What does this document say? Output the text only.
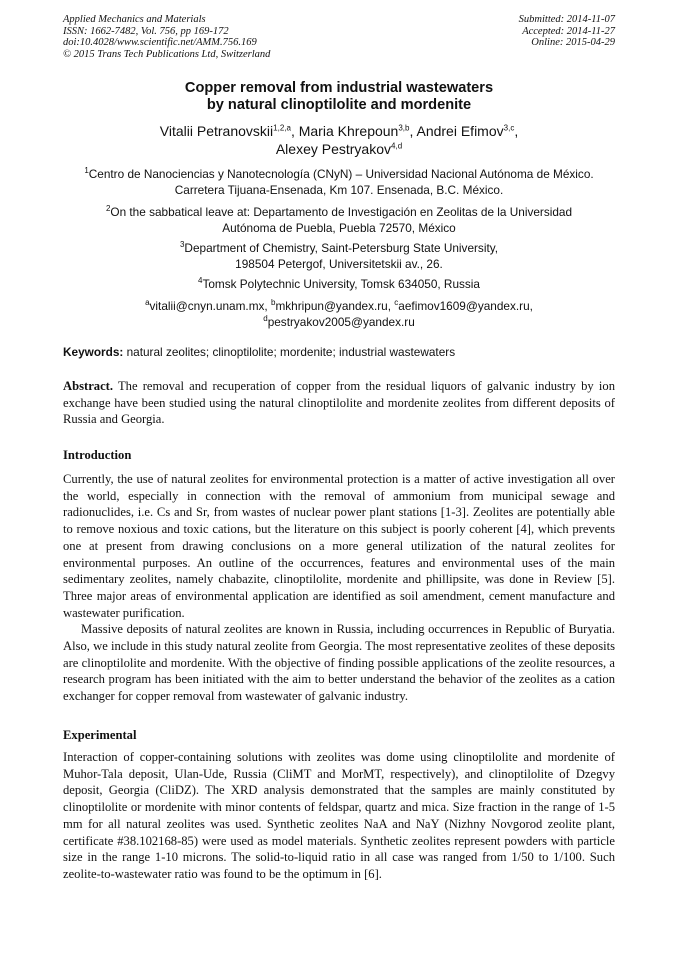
Applied Mechanics and Materials
ISSN: 1662-7482, Vol. 756, pp 169-172
doi:10.4028/www.scientific.net/AMM.756.169
© 2015 Trans Tech Publications Ltd, Switzerland
Submitted: 2014-11-07
Accepted: 2014-11-27
Online: 2015-04-29
Copper removal from industrial wastewaters
by natural clinoptilolite and mordenite
Vitalii Petranovskii$^{1,2,a}$, Maria Khrepoun$^{3,b}$, Andrei Efimov$^{3,c}$,
Alexey Pestryakov$^{4,d}$
$^1$Centro de Nanociencias y Nanotecnología (CNyN) – Universidad Nacional Autónoma de México.
Carretera Tijuana-Ensenada, Km 107. Ensenada, B.C. México.
$^2$On the sabbatical leave at: Departamento de Investigación en Zeolitas de la Universidad
Autónoma de Puebla, Puebla 72570, México
$^3$Department of Chemistry, Saint-Petersburg State University,
198504 Petergof, Universitetskii av., 26.
$^4$Tomsk Polytechnic University, Tomsk 634050, Russia
$^a$vitalii@cnyn.unam.mx, $^b$mkhripun@yandex.ru, $^c$aefimov1609@yandex.ru,
$^d$pestryakov2005@yandex.ru
Keywords: natural zeolites; clinoptilolite; mordenite; industrial wastewaters
Abstract. The removal and recuperation of copper from the residual liquors of galvanic industry by ion exchange have been studied using the natural clinoptilolite and mordenite zeolites from different deposits of Russia and Georgia.
Introduction

Currently, the use of natural zeolites for environmental protection is a matter of active investigation all over the world, especially in connection with the removal of ammonium from municipal sewage and radionuclides, i.e. Cs and Sr, from wastes of nuclear power plant stations [1-3]. Zeolites are potentially able to remove noxious and toxic cations, but the literature on this subject is poorly coherent [4], which prevents one at present from drawing conclusions on a more general utilization of the natural zeolites for environmental purposes. An outline of the occurrences, features and environmental uses of the main sedimentary zeolites, namely chabazite, clinoptilolite, mordenite and phillipsite, was done in Review [5]. Three major areas of environmental application are identified as soil amendment, cement manufacture and wastewater purification.

Massive deposits of natural zeolites are known in Russia, including occurrences in Republic of Buryatia. Also, we include in this study natural zeolite from Georgia. The most representative zeolites of these deposits are clinoptilolite and mordenite. With the objective of finding possible applications of the zeolite resources, a research program has been initiated with the aim to better understand the behavior of the zeolites as a cation exchanger for copper removal from wastewater of galvanic industry.

Experimental

Interaction of copper-containing solutions with zeolites was dome using clinoptilolite and mordenite of Muhor-Tala deposit, Ulan-Ude, Russia (CliMT and MorMT, respectively), and clinoptilolite of Dzegvy deposit, Georgia (CliDZ). The XRD analysis demonstrated that the samples are mainly constituted by clinoptilolite or mordenite with minor contents of feldspar, quartz and mica. Size fraction in the range of 1-5 mm for all natural zeolites was used. Synthetic zeolites NaA and NaY (Nizhny Novgorod zeolite plant, certificate #38.102168-85) were used as model materials. Synthetic zeolites represent powders with particle size in the range 1-10 microns. The solid-to-liquid ratio in all case was ranged from 1/50 to 1/100. Such zeolite-to-wastewater ratio was found to be the optimum in [6].
